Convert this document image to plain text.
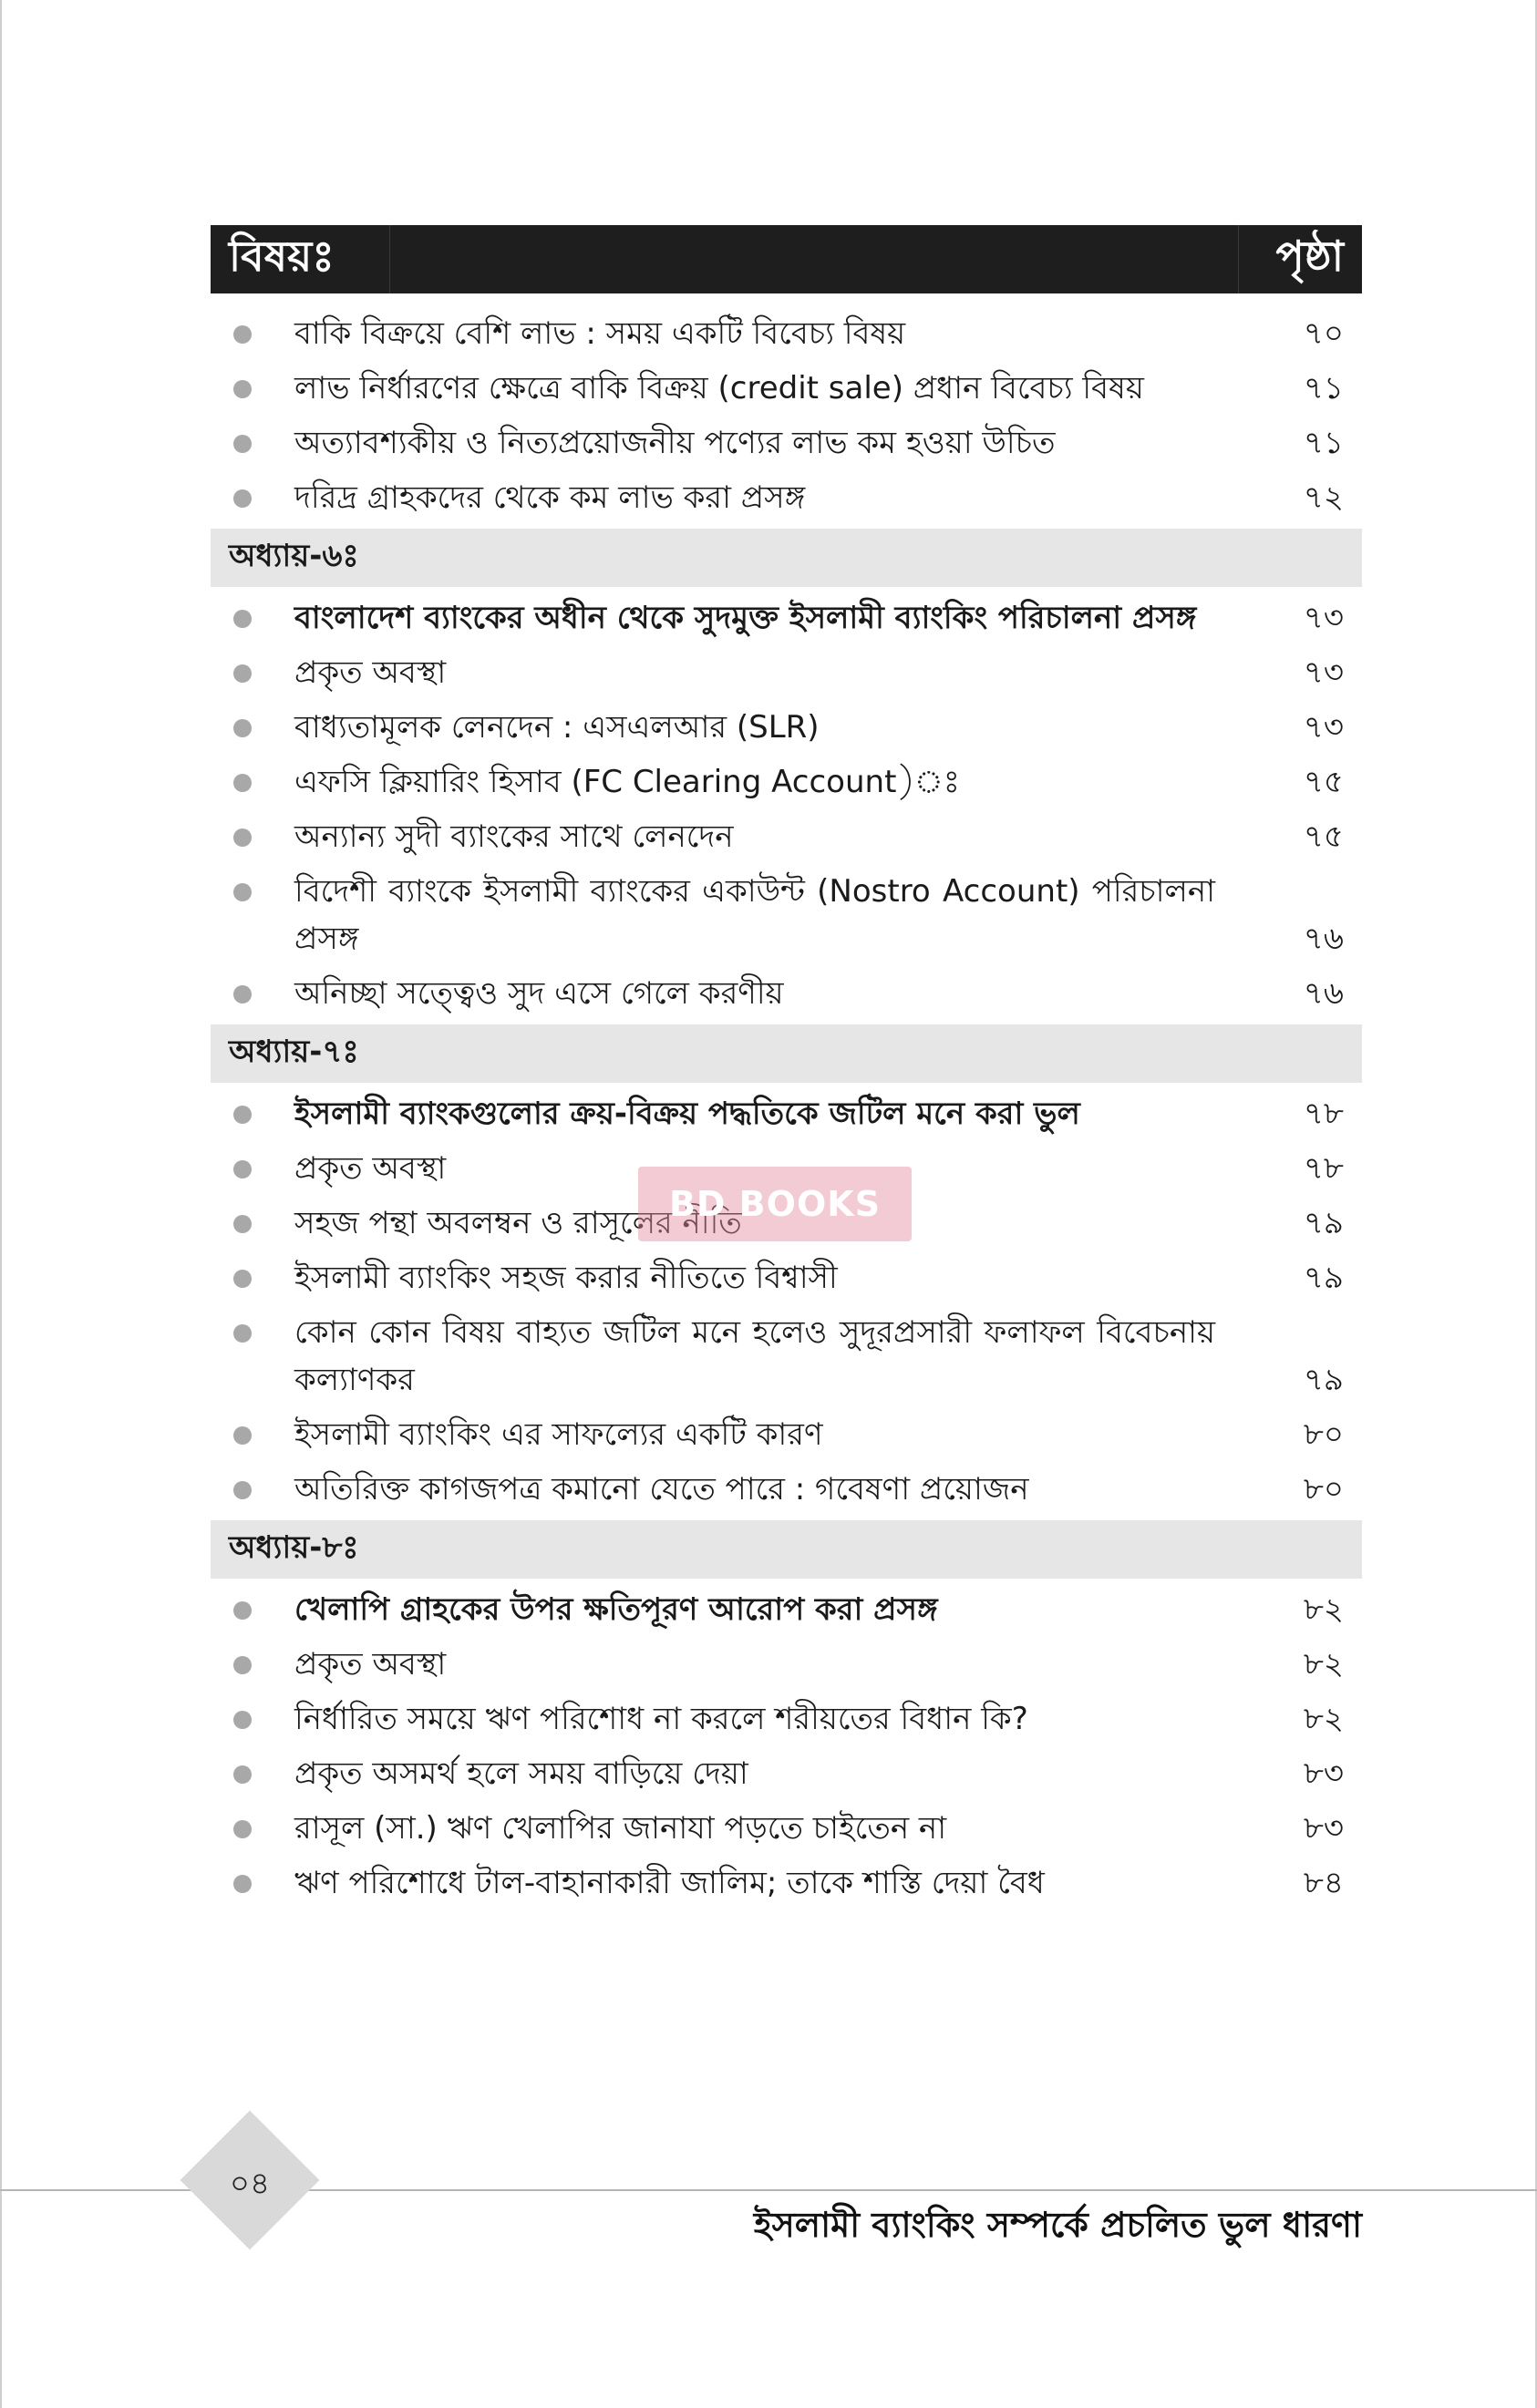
বিষয়ঃ	পৃষ্ঠা
বাকি বিক্রয়ে বেশি লাভ : সময় একটি বিবেচ্য বিষয়	৭০
লাভ নির্ধারণের ক্ষেত্রে বাকি বিক্রয় (credit sale) প্রধান বিবেচ্য বিষয়	৭১
অত্যাবশ্যকীয় ও নিত্যপ্রয়োজনীয় পণ্যের লাভ কম হওয়া উচিত	৭১
দরিদ্র গ্রাহকদের থেকে কম লাভ করা প্রসঙ্গ	৭২
অধ্যায়-৬ঃ
বাংলাদেশ ব্যাংকের অধীন থেকে সুদমুক্ত ইসলামী ব্যাংকিং পরিচালনা প্রসঙ্গ	৭৩
প্রকৃত অবস্থা	৭৩
বাধ্যতামূলক লেনদেন : এসএলআর (SLR)	৭৩
এফসি ক্লিয়ারিং হিসাব (FC Clearing Account)ঃ	৭৫
অন্যান্য সুদী ব্যাংকের সাথে লেনদেন	৭৫
বিদেশী ব্যাংকে ইসলামী ব্যাংকের একাউন্ট (Nostro Account) পরিচালনা প্রসঙ্গ	৭৬
অনিচ্ছা সত্ত্বেও সুদ এসে গেলে করণীয়	৭৬
অধ্যায়-৭ঃ
ইসলামী ব্যাংকগুলোর ক্রয়-বিক্রয় পদ্ধতিকে জটিল মনে করা ভুল	৭৮
প্রকৃত অবস্থা	৭৮
সহজ পন্থা অবলম্বন ও রাসূলের নীতি	৭৯
ইসলামী ব্যাংকিং সহজ করার নীতিতে বিশ্বাসী	৭৯
কোন কোন বিষয় বাহ্যত জটিল মনে হলেও সুদূরপ্রসারী ফলাফল বিবেচনায় কল্যাণকর	৭৯
ইসলামী ব্যাংকিং এর সাফল্যের একটি কারণ	৮০
অতিরিক্ত কাগজপত্র কমানো যেতে পারে : গবেষণা প্রয়োজন	৮০
অধ্যায়-৮ঃ
খেলাপি গ্রাহকের উপর ক্ষতিপূরণ আরোপ করা প্রসঙ্গ	৮২
প্রকৃত অবস্থা	৮২
নির্ধারিত সময়ে ঋণ পরিশোধ না করলে শরীয়তের বিধান কি?	৮২
প্রকৃত অসমর্থ হলে সময় বাড়িয়ে দেয়া	৮৩
রাসূল (সা.) ঋণ খেলাপির জানাযা পড়তে চাইতেন না	৮৩
ঋণ পরিশোধে টাল-বাহানাকারী জালিম; তাকে শাস্তি দেয়া বৈধ	৮৪
BD BOOKS
০৪
ইসলামী ব্যাংকিং সম্পর্কে প্রচলিত ভুল ধারণা
